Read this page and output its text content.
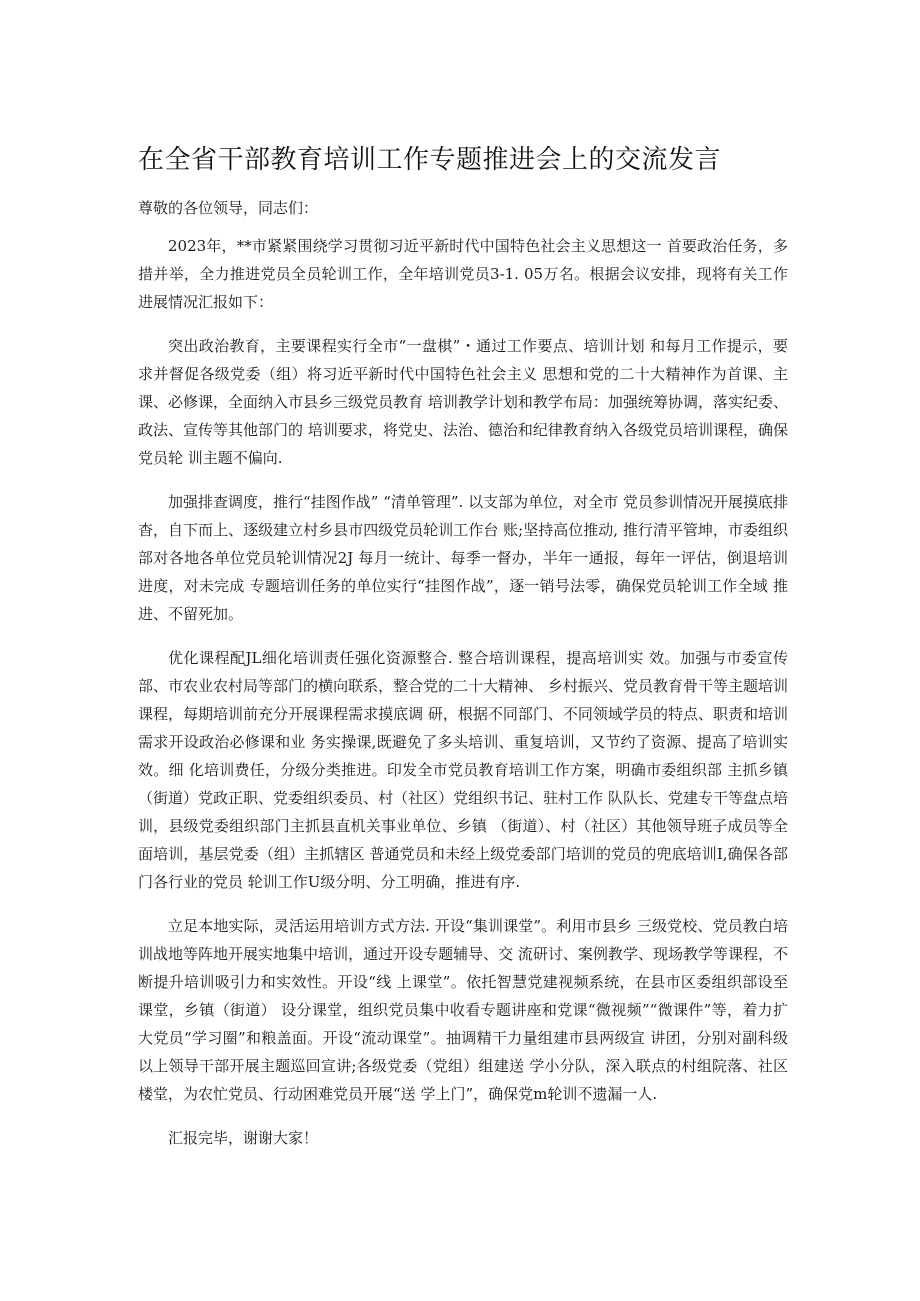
在全省干部教育培训工作专题推进会上的交流发言

尊敬的各位领导，同志们：

2023年，**市紧紧围绕学习贯彻习近平新时代中国特色社会主义思想这一 首要政治任务，多措并举，全力推进党员全员轮训工作，全年培训党员3-1. 05万名。根据会议安排，现将有关工作进展情况汇报如下：

突出政治教育，主要课程实行全市“一盘棋”・通过工作要点、培训计划 和每月工作提示，要求并督促各级党委（组）将习近平新时代中国特色社会主义 思想和党的二十大精神作为首课、主课、必修课，全面纳入市县乡三级党员教育 培训教学计划和教学布局：加强统筹协调，落实纪委、政法、宣传等其他部门的 培训要求，将党史、法治、德治和纪律教育纳入各级党员培训课程，确保党员轮 训主题不偏向.

加强排查调度，推行“挂图作战” “清单管理”. 以支部为单位，对全市 党员参训情况开展摸底排杳，自下而上、逐级建立村乡县市四级党员轮训工作台 账;坚持高位推动, 推行清平管坤，市委组织部对各地各单位党员轮训情况2J 每月一统计、每季一督办，半年一通报，每年一评估，倒退培训进度，对未完成 专题培训任务的单位实行“挂图作战”，逐一销号法零，确保党员轮训工作全域 推进、不留死加。

优化课程配JL细化培训责任强化资源整合. 整合培训课程，提高培训实 效。加强与市委宣传部、市农业农村局等部门的横向联系，整合党的二十大精神、 乡村振兴、党员教育骨干等主题培训课程，每期培训前充分开展课程需求摸底调 研，根据不同部门、不同领域学员的特点、职责和培训需求开设政治必修课和业 务实操课,既避免了多头培训、重复培训，又节约了资源、提高了培训实效。细 化培训费任，分级分类推进。印发全市党员教育培训工作方案，明确市委组织部 主抓乡镇（街道）党政正职、党委组织委员、村（社区）党组织书记、驻村工作 队队长、党建专干等盘点培训，县级党委组织部门主抓县直机关事业单位、乡镇 （街道）、村（社区）其他领导班子成员等全面培训，基层党委（组）主抓辖区 普通党员和未经上级党委部门培训的党员的兜底培训I,确保各部门各行业的党员 轮训工作U级分明、分工明确，推进有序.

立足本地实际，灵活运用培训方式方法. 开设“集训课堂”。利用市县乡 三级党校、党员教白培训战地等阵地开展实地集中培训，通过开设专题辅导、交 流研讨、案例教学、现场教学等课程，不断提升培训吸引力和实效性。开设“线 上课堂”。依托智慧党建视频系统，在县市区委组织部设至课堂，乡镇（街道） 设分课堂，组织党员集中收看专题讲座和党课“微视频”“微课件”等，着力扩 大党员“学习圈”和粮盖面。开设“流动课堂”。抽调精干力量组建市县两级宣 讲团，分别对副科级以上领导干部开展主题巡回宣讲;各级党委（党组）组建送 学小分队，深入联点的村组院落、社区楼堂，为农忙党员、行动困难党员开展“送 学上门”，确保党m轮训不遗漏一人.

汇报完毕，谢谢大家！
